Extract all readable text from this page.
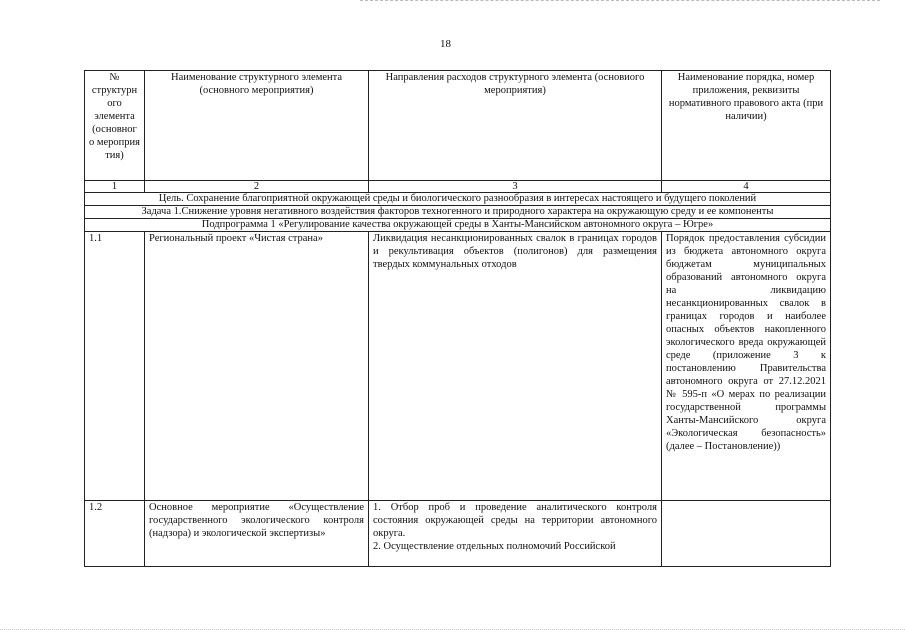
18
№ структурн ого элемента (основног о мероприя тия)	Наименование структурного элемента (основного мероприятия)	Направления расходов структурного элемента (основиого мероприятия)	Наименование порядка, номер приложения, реквизиты нормативного правового акта (при наличии)
1	2	3	4
Цель. Сохранение благоприятной окружающей среды и биологического разнообразия в интересах настоящего и будущего поколений			
Задача 1.Снижение уровня негативного воздействия факторов техногенного и природного характера на окружающую среду и ее компоненты			
Подпрограмма 1 «Регулирование качества окружающей среды в Ханты-Мансийском автономного округа – Югре»			
1.1	Региональный проект «Чистая страна»	Ликвидация несанкционированных свалок в границах городов и рекультивация объектов (полигонов) для размещения твердых коммунальных отходов	Порядок предоставления субсидии из бюджета автономного округа бюджетам муниципальных образований автономного округа на ликвидацию несанкционированных свалок в границах городов и наиболее опасных объектов накопленного экологического вреда окружающей среде (приложение 3 к постановлению Правительства автономного округа от 27.12.2021 № 595-п «О мерах по реализации государственной программы Ханты-Мансийского округа «Экологическая безопасность» (далее – Постановление))
1.2	Основное мероприятие «Осуществление государственного экологического контроля (надзора) и экологической экспертизы»	1. Отбор проб и проведение аналитического контроля состояния окружающей среды на территории автономного округа.
2. Осуществление отдельных полномочий Российской	
